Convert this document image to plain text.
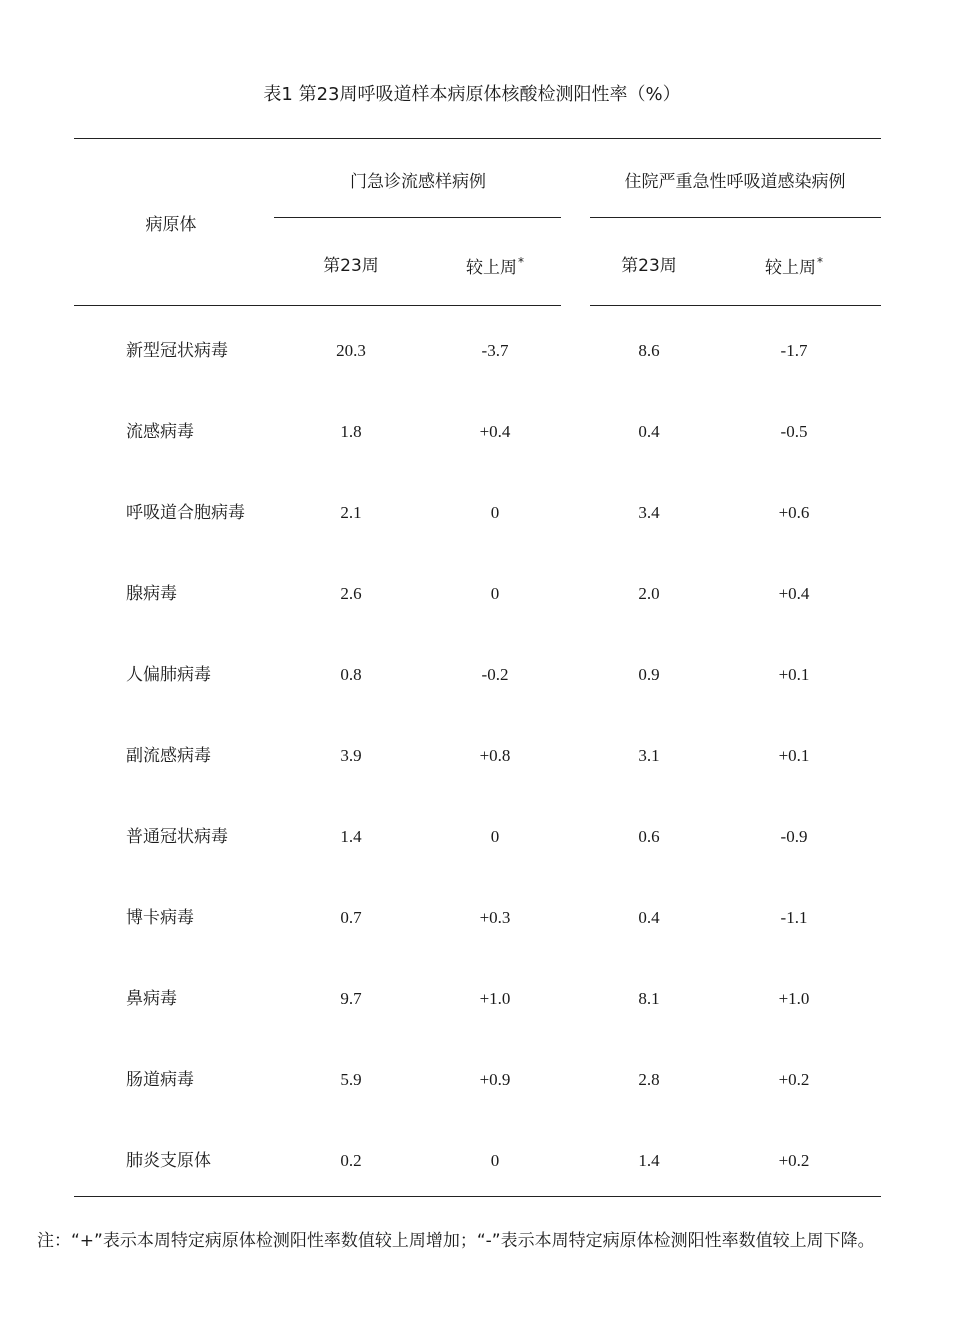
表1 第23周呼吸道样本病原体核酸检测阳性率（%）
病原体
门急诊流感样病例	住院严重急性呼吸道感染病例
第23周	较上周*	第23周	较上周*
新型冠状病毒	20.3	-3.7	8.6	-1.7
流感病毒	1.8	+0.4	0.4	-0.5
呼吸道合胞病毒	2.1	0	3.4	+0.6
腺病毒	2.6	0	2.0	+0.4
人偏肺病毒	0.8	-0.2	0.9	+0.1
副流感病毒	3.9	+0.8	3.1	+0.1
普通冠状病毒	1.4	0	0.6	-0.9
博卡病毒	0.7	+0.3	0.4	-1.1
鼻病毒	9.7	+1.0	8.1	+1.0
肠道病毒	5.9	+0.9	2.8	+0.2
肺炎支原体	0.2	0	1.4	+0.2
注：“+”表示本周特定病原体检测阳性率数值较上周增加；“-”表示本周特定病原体检测阳性率数值较上周下降。
